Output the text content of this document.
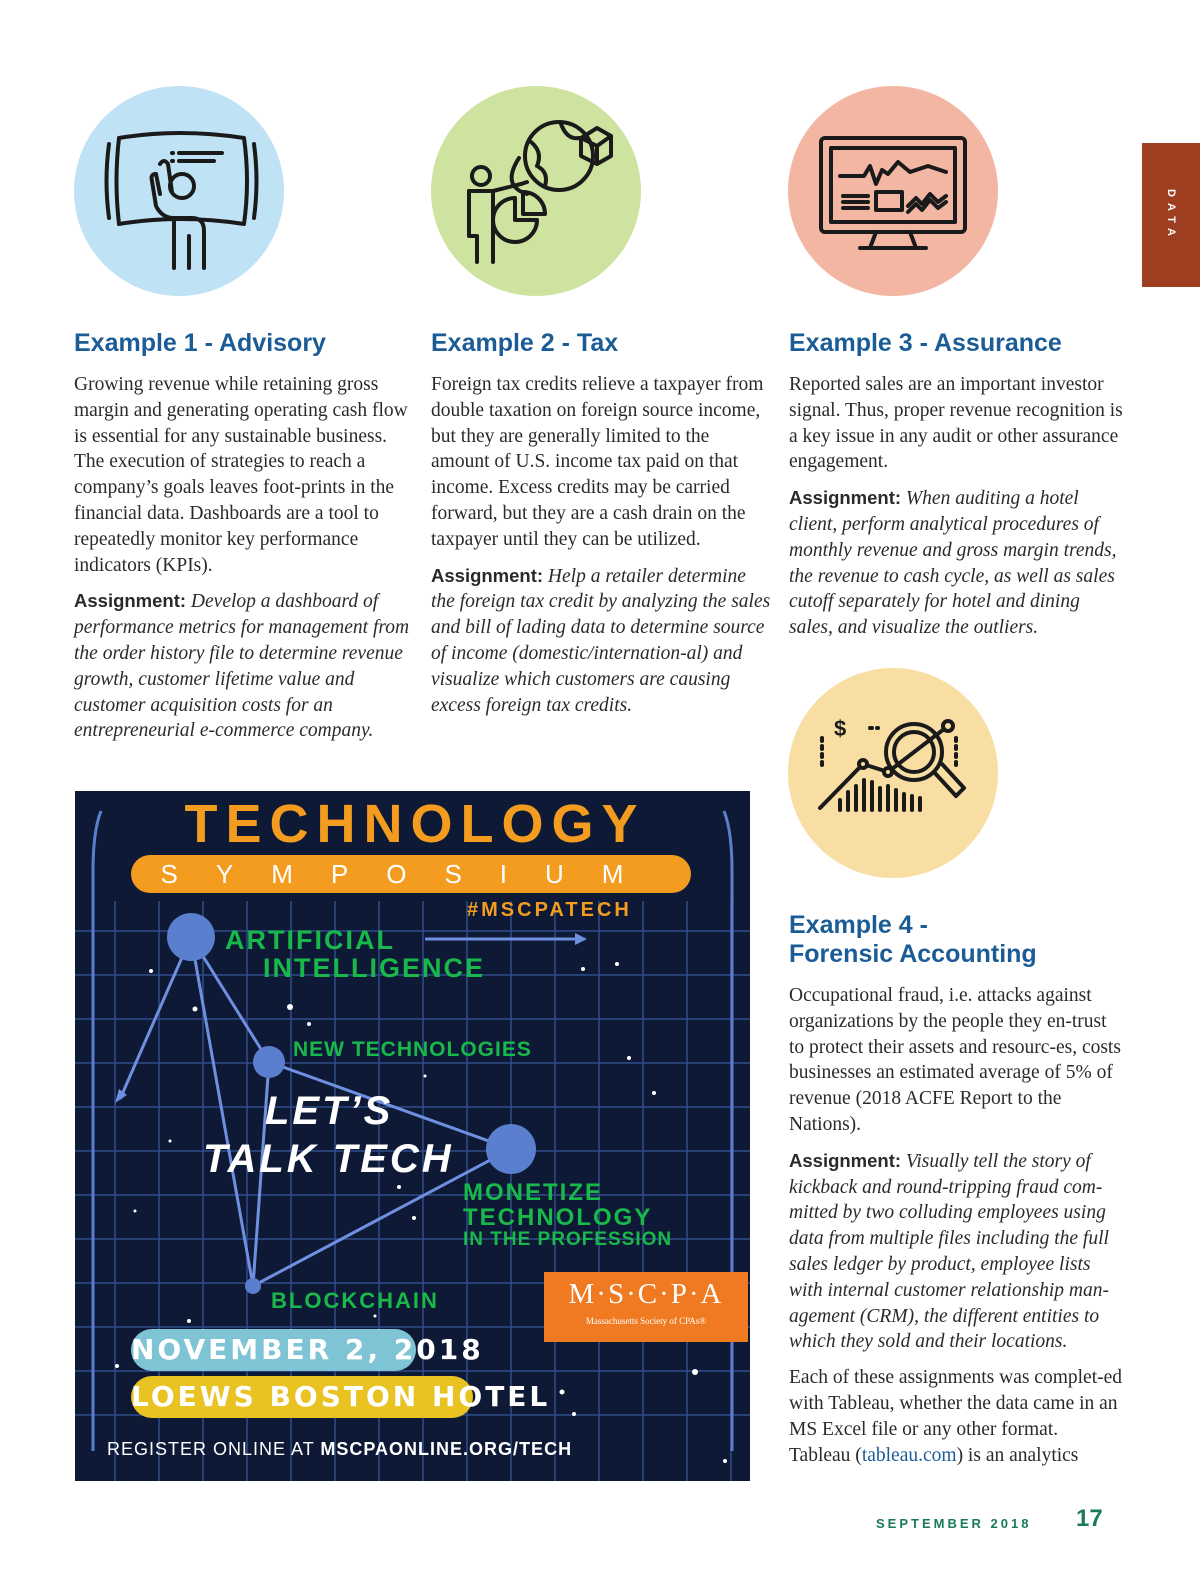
DATA
$
Example 1 - Advisory

Growing revenue while retaining gross margin and generating operating cash flow is essential for any sustainable business. The execution of strategies to reach a company’s goals leaves foot-prints in the financial data. Dashboards are a tool to repeatedly monitor key performance indicators (KPIs).

Assignment: Develop a dashboard of performance metrics for management from the order history file to determine revenue growth, customer lifetime value and customer acquisition costs for an entrepreneurial e-commerce company.

Example 2 - Tax

Foreign tax credits relieve a taxpayer from double taxation on foreign source income, but they are generally limited to the amount of U.S. income tax paid on that income. Excess credits may be carried forward, but they are a cash drain on the taxpayer until they can be utilized.

Assignment: Help a retailer determine the foreign tax credit by analyzing the sales and bill of lading data to determine source of income (domestic/internation-al) and visualize which customers are causing excess foreign tax credits.

Example 3 - Assurance

Reported sales are an important investor signal. Thus, proper revenue recognition is a key issue in any audit or other assurance engagement.

Assignment: When auditing a hotel client, perform analytical procedures of monthly revenue and gross margin trends, the revenue to cash cycle, as well as sales cutoff separately for hotel and dining sales, and visualize the outliers.

Example 4 -
Forensic Accounting

Occupational fraud, i.e. attacks against organizations by the people they en-trust to protect their assets and resourc-es, costs businesses an estimated average of 5% of revenue (2018 ACFE Report to the Nations).

Assignment: Visually tell the story of kickback and round-tripping fraud com-mitted by two colluding employees using data from multiple files including the full sales ledger by product, employee lists with internal customer relationship man-agement (CRM), the different entities to which they sold and their locations.

Each of these assignments was complet-ed with Tableau, whether the data came in an MS Excel file or any other format. Tableau (tableau.com) is an analytics

TECHNOLOGY
SYMPOSIUM
#MSCPATECH
ARTIFICIAL
INTELLIGENCE
NEW TECHNOLOGIES
LET’S
TALK TECH
MONETIZE
TECHNOLOGY
IN THE PROFESSION
BLOCKCHAIN	M·S·C·P·A
Massachusetts Society of CPAs®
NOVEMBER 2, 2018
LOEWS BOSTON HOTEL
REGISTER ONLINE AT MSCPAONLINE.ORG/TECH
SEPTEMBER 2018 17
